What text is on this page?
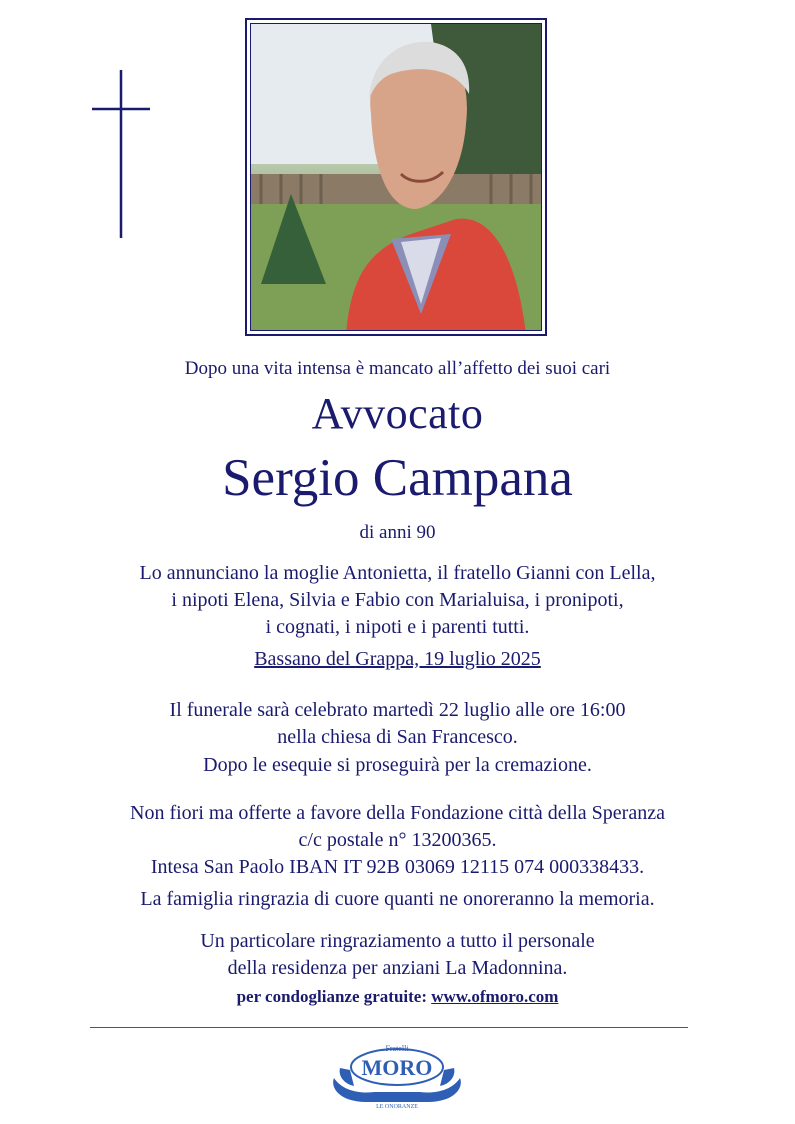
Dopo una vita intensa è mancato all’affetto dei suoi cari
Avvocato
Sergio Campana
di anni 90
Lo annunciano la moglie Antonietta, il fratello Gianni con Lella,
i nipoti Elena, Silvia e Fabio con Marialuisa, i pronipoti,
i cognati, i nipoti e i parenti tutti.
Bassano del Grappa, 19 luglio 2025
Il funerale sarà celebrato martedì 22 luglio alle ore 16:00
nella chiesa di San Francesco.
Dopo le esequie si proseguirà per la cremazione.
Non fiori ma offerte a favore della Fondazione città della Speranza
c/c postale n° 13200365.
Intesa San Paolo IBAN IT 92B 03069 12115 074 000338433.
La famiglia ringrazia di cuore quanti ne onoreranno la memoria.
Un particolare ringraziamento a tutto il personale
della residenza per anziani La Madonnina.
per condoglianze gratuite: www.ofmoro.com
Fratelli
MORO
LE ONORANZE
